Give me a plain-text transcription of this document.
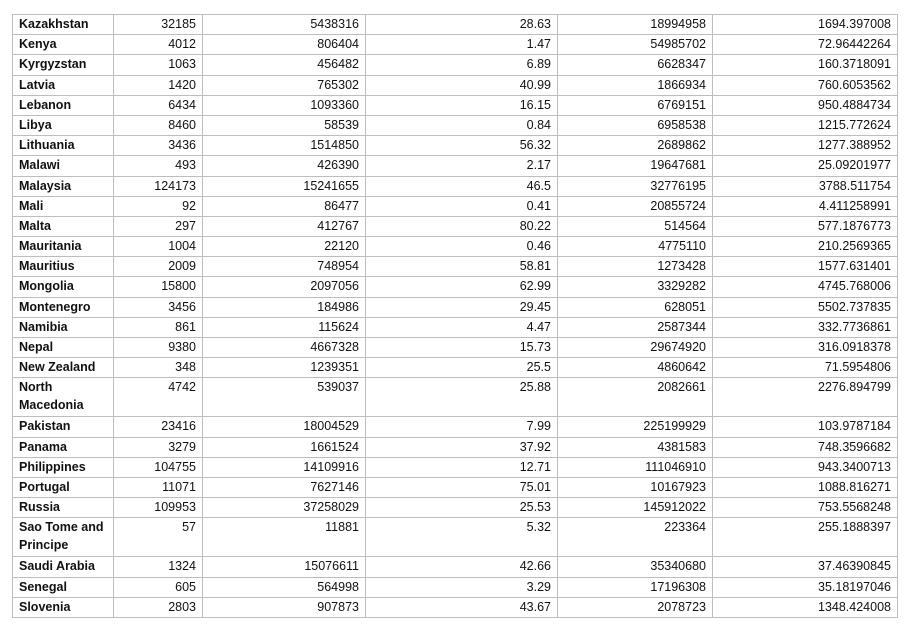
Kazakhstan	32185	5438316	28.63	18994958	1694.397008
Kenya	4012	806404	1.47	54985702	72.96442264
Kyrgyzstan	1063	456482	6.89	6628347	160.3718091
Latvia	1420	765302	40.99	1866934	760.6053562
Lebanon	6434	1093360	16.15	6769151	950.4884734
Libya	8460	58539	0.84	6958538	1215.772624
Lithuania	3436	1514850	56.32	2689862	1277.388952
Malawi	493	426390	2.17	19647681	25.09201977
Malaysia	124173	15241655	46.5	32776195	3788.511754
Mali	92	86477	0.41	20855724	4.411258991
Malta	297	412767	80.22	514564	577.1876773
Mauritania	1004	22120	0.46	4775110	210.2569365
Mauritius	2009	748954	58.81	1273428	1577.631401
Mongolia	15800	2097056	62.99	3329282	4745.768006
Montenegro	3456	184986	29.45	628051	5502.737835
Namibia	861	115624	4.47	2587344	332.7736861
Nepal	9380	4667328	15.73	29674920	316.0918378
New Zealand	348	1239351	25.5	4860642	71.5954806
North Macedonia	4742	539037	25.88	2082661	2276.894799
Pakistan	23416	18004529	7.99	225199929	103.9787184
Panama	3279	1661524	37.92	4381583	748.3596682
Philippines	104755	14109916	12.71	111046910	943.3400713
Portugal	11071	7627146	75.01	10167923	1088.816271
Russia	109953	37258029	25.53	145912022	753.5568248
Sao Tome and Principe	57	11881	5.32	223364	255.1888397
Saudi Arabia	1324	15076611	42.66	35340680	37.46390845
Senegal	605	564998	3.29	17196308	35.18197046
Slovenia	2803	907873	43.67	2078723	1348.424008
